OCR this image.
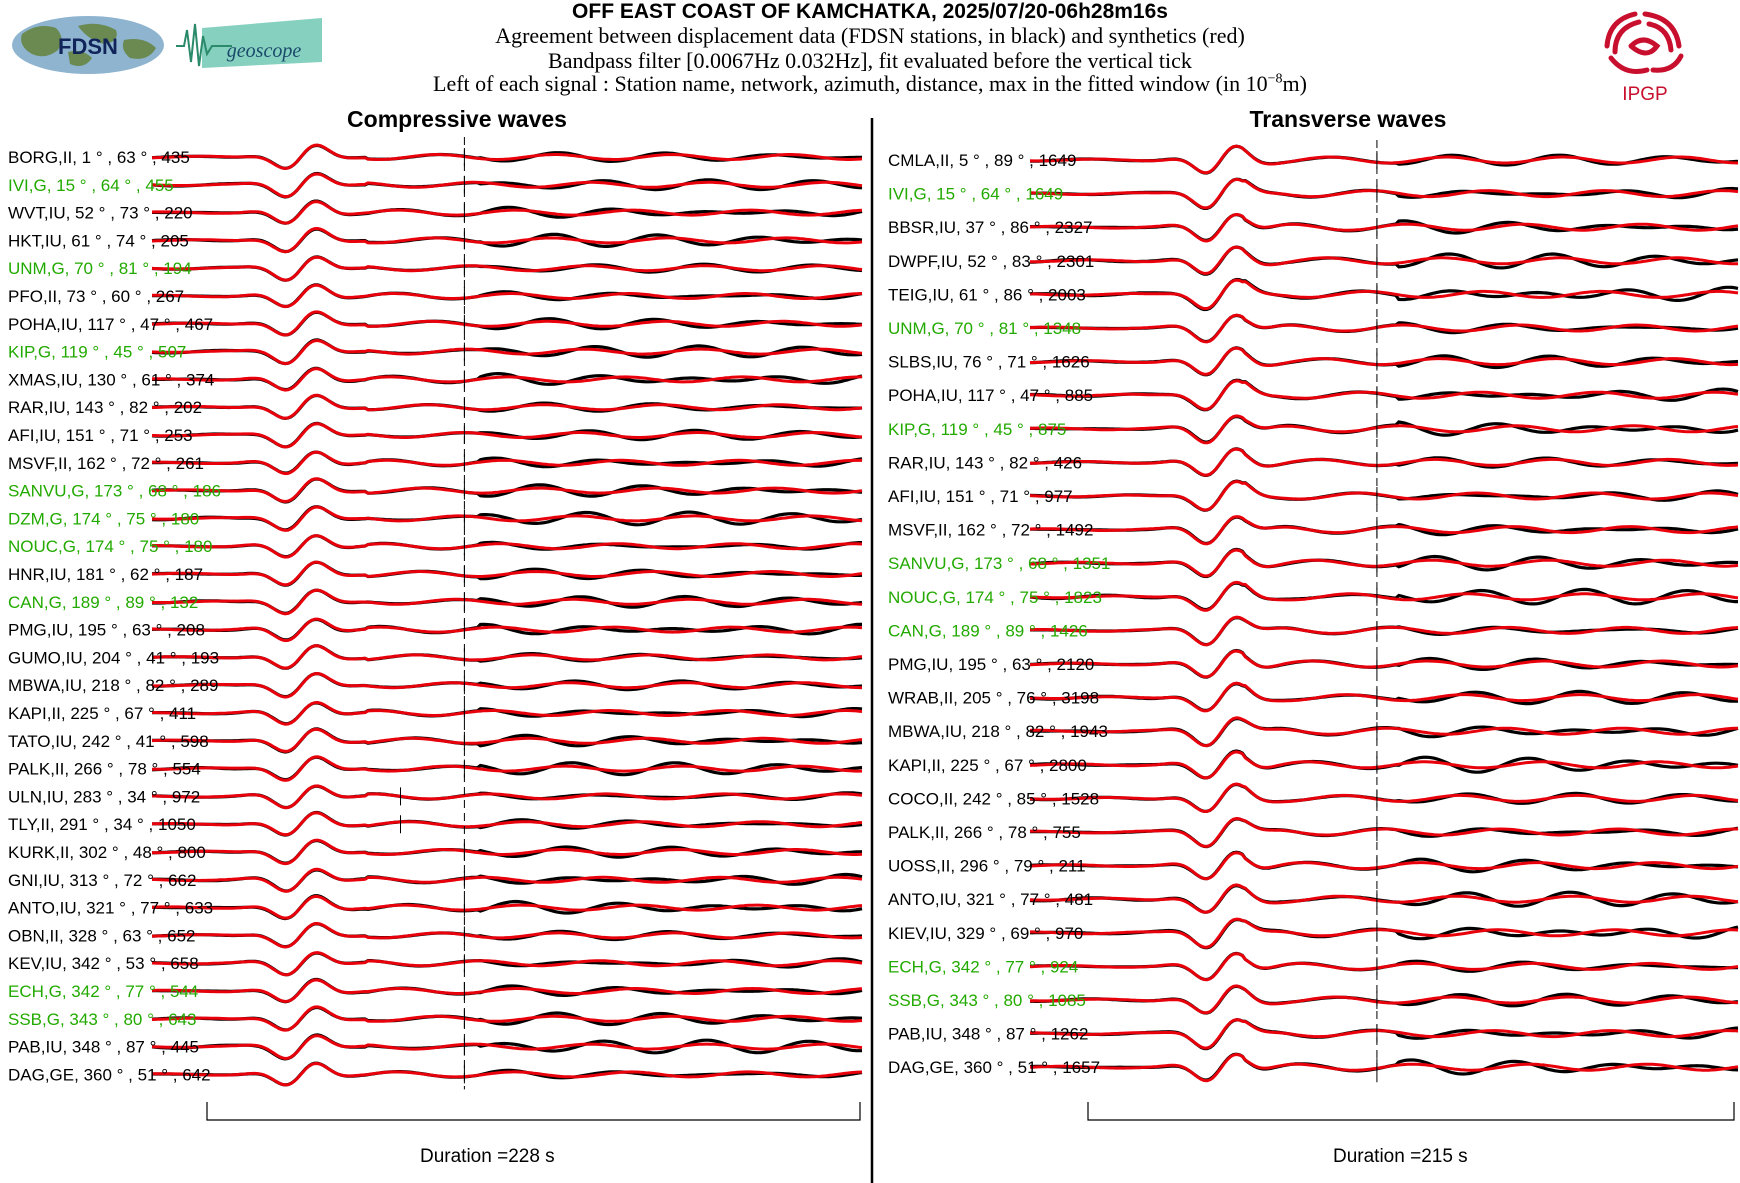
OFF EAST COAST OF KAMCHATKA, 2025/07/20-06h28m16s
Agreement between displacement data (FDSN stations, in black) and synthetics (red)
Bandpass filter [0.0067Hz 0.032Hz], fit evaluated before the vertical tick
Left of each signal : Station name, network, azimuth, distance, max in the fitted window (in $10^{-8}m$)
FDSN	geoscope
IPGP
Compressive waves	Transverse waves
BORG,II, 1 ° , 63 ° , 435
IVI,G, 15 ° , 64 ° , 455
WVT,IU, 52 ° , 73 ° , 220
HKT,IU, 61 ° , 74 ° , 205
UNM,G, 70 ° , 81 ° , 194
PFO,II, 73 ° , 60 ° , 267
POHA,IU, 117 ° , 47 ° , 467
KIP,G, 119 ° , 45 ° , 507
XMAS,IU, 130 ° , 61 ° , 374
RAR,IU, 143 ° , 82 ° , 202
AFI,IU, 151 ° , 71 ° , 253
MSVF,II, 162 ° , 72 ° , 261
SANVU,G, 173 ° , 68 ° , 186
DZM,G, 174 ° , 75 ° , 180
NOUC,G, 174 ° , 75 ° , 180
HNR,IU, 181 ° , 62 ° , 187
CAN,G, 189 ° , 89 ° , 132
PMG,IU, 195 ° , 63 ° , 208
GUMO,IU, 204 ° , 41 ° , 193
MBWA,IU, 218 ° , 82 ° , 289
KAPI,II, 225 ° , 67 ° , 411
TATO,IU, 242 ° , 41 ° , 598
PALK,II, 266 ° , 78 ° , 554
ULN,IU, 283 ° , 34 ° , 972
TLY,II, 291 ° , 34 ° , 1050
KURK,II, 302 ° , 48 ° , 800
GNI,IU, 313 ° , 72 ° , 662
ANTO,IU, 321 ° , 77 ° , 633
OBN,II, 328 ° , 63 ° , 652
KEV,IU, 342 ° , 53 ° , 658
ECH,G, 342 ° , 77 ° , 544
SSB,G, 343 ° , 80 ° , 643
PAB,IU, 348 ° , 87 ° , 445
DAG,GE, 360 ° , 51 ° , 642
CMLA,II, 5 ° , 89 ° , 1649
IVI,G, 15 ° , 64 ° , 1649
BBSR,IU, 37 ° , 86 ° , 2327
DWPF,IU, 52 ° , 83 ° , 2301
TEIG,IU, 61 ° , 86 ° , 2003
UNM,G, 70 ° , 81 ° , 1348
SLBS,IU, 76 ° , 71 ° , 1626
POHA,IU, 117 ° , 47 ° , 885
KIP,G, 119 ° , 45 ° , 875
RAR,IU, 143 ° , 82 ° , 426
AFI,IU, 151 ° , 71 ° , 977
MSVF,II, 162 ° , 72 ° , 1492
SANVU,G, 173 ° , 68 ° , 1351
NOUC,G, 174 ° , 75 ° , 1823
CAN,G, 189 ° , 89 ° , 1426
PMG,IU, 195 ° , 63 ° , 2120
WRAB,II, 205 ° , 76 ° , 3198
MBWA,IU, 218 ° , 82 ° , 1943
KAPI,II, 225 ° , 67 ° , 2800
COCO,II, 242 ° , 85 ° , 1528
PALK,II, 266 ° , 78 ° , 755
UOSS,II, 296 ° , 79 ° , 211
ANTO,IU, 321 ° , 77 ° , 481
KIEV,IU, 329 ° , 69 ° , 970
ECH,G, 342 ° , 77 ° , 924
SSB,G, 343 ° , 80 ° , 1085
PAB,IU, 348 ° , 87 ° , 1262
DAG,GE, 360 ° , 51 ° , 1657
Duration =228 s	Duration =215 s
